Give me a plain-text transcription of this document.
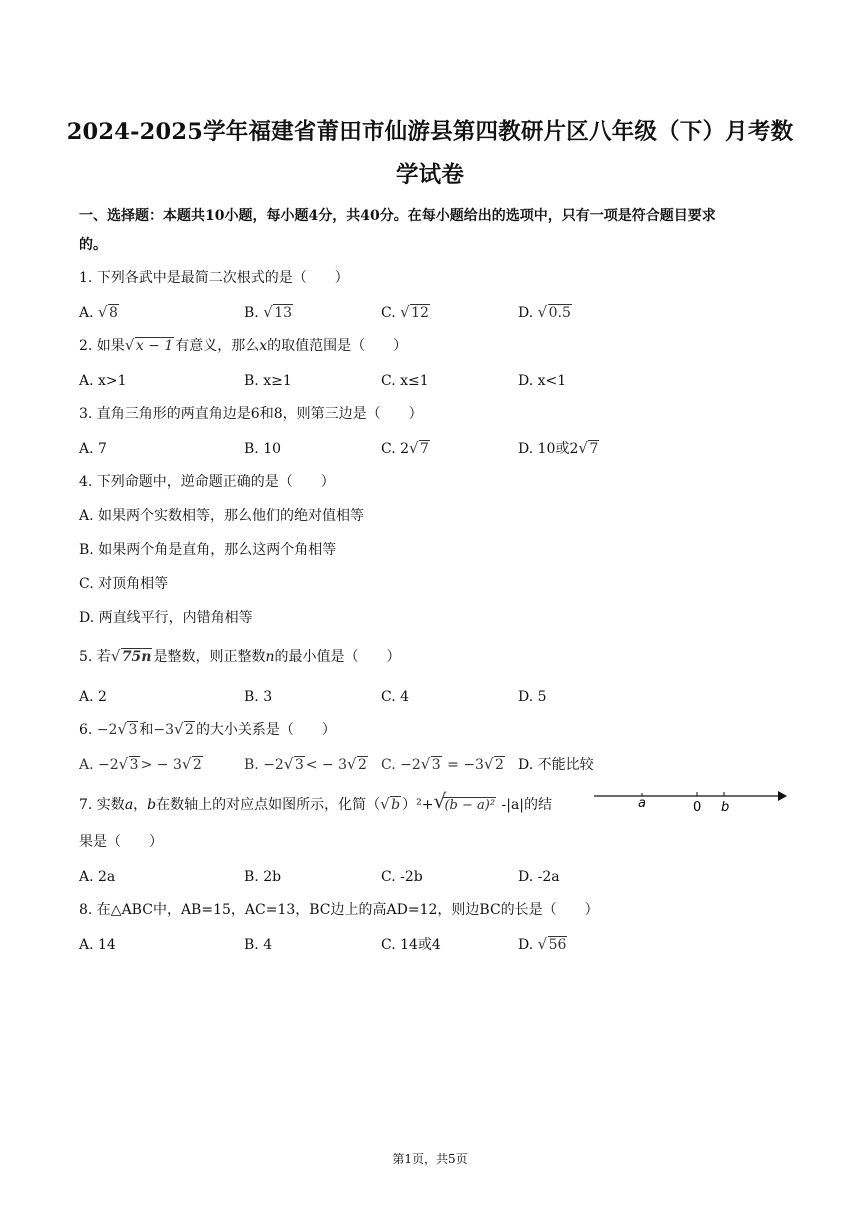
2024-2025学年福建省莆田市仙游县第四教研片区八年级（下）月考数
学试卷
一、选择题：本题共10小题，每小题4分，共40分。在每小题给出的选项中，只有一项是符合题目要求
的。
1. 下列各武中是最简二次根式的是（　　）
A. √ 8	B. √ 13	C. √ 12	D. √ 0.5
2. 如果 √ x − 1 有意义，那么x的取值范围是（　　）
A. x>1	B. x≥1	C. x≤1	D. x<1
3. 直角三角形的两直角边是6和8，则第三边是（　　）
A. 7	B. 10	C. 2 √ 7	D. 10或2 √ 7
4. 下列命题中，逆命题正确的是（　　）
A. 如果两个实数相等，那么他们的绝对值相等
B. 如果两个角是直角，那么这两个角相等
C. 对顶角相等
D. 两直线平行，内错角相等
5. 若 √ 75n 是整数，则正整数n的最小值是（　　）
A. 2	B. 3	C. 4	D. 5
6. −2 √ 3 和−3 √ 2 的大小关系是（　　）
A. −2 √ 3 > − 3 √ 2	B. −2 √ 3 < − 3 √ 2 C. −2 √ 3 = −3 √ 2 D. 不能比较
7. 实数a，b在数轴上的对应点如图所示，化简（ √ b ）²+ √
(b − a)² -|a|的结	a	0 b
果是（　　）
A. 2a	B. 2b	C. -2b	D. -2a
8. 在△ABC中，AB=15，AC=13，BC边上的高AD=12，则边BC的长是（　　）
A. 14	B. 4	C. 14或4	D. √ 56
第1页，共5页
